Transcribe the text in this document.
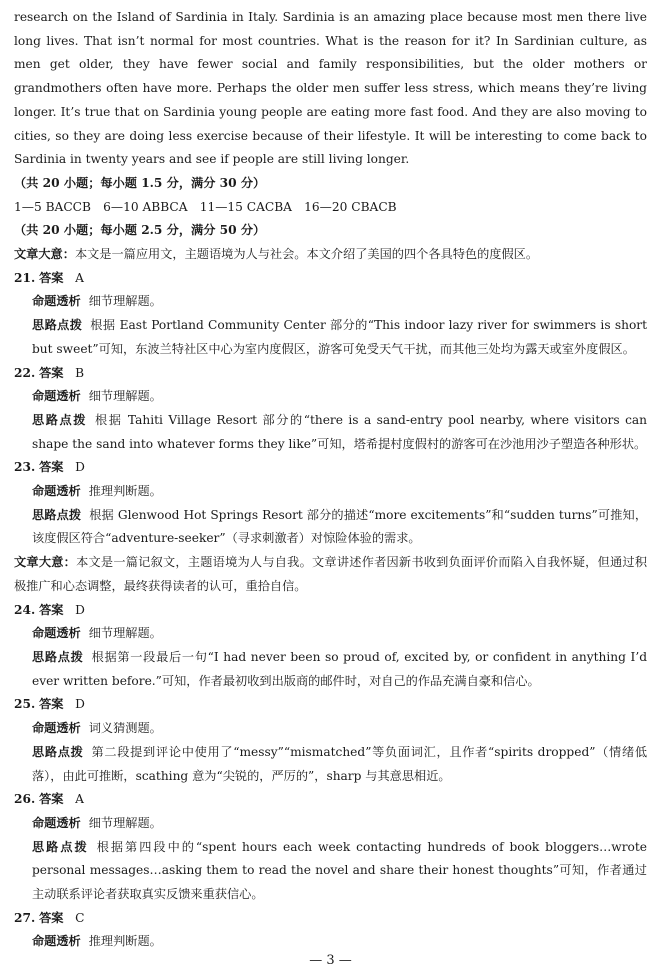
research on the Island of Sardinia in Italy. Sardinia is an amazing place because most men there live long lives. That isn’t normal for most countries. What is the reason for it? In Sardinian culture, as men get older, they have fewer social and family responsibilities, but the older mothers or grandmothers often have more. Perhaps the older men suffer less stress, which means they’re living longer. It’s true that on Sardinia young people are eating more fast food. And they are also moving to cities, so they are doing less exercise because of their lifestyle. It will be interesting to come back to Sardinia in twenty years and see if people are still living longer.

（共 20 小题；每小题 1.5 分，满分 30 分）

1—5 BACCB　6—10 ABBCA　11—15 CACBA　16—20 CBACB

（共 20 小题；每小题 2.5 分，满分 50 分）

文章大意：本文是一篇应用文，主题语境为人与社会。本文介绍了美国的四个各具特色的度假区。

21. 答案 A

命题透析 细节理解题。

思路点拨 根据 East Portland Community Center 部分的“This indoor lazy river for swimmers is short but sweet”可知，东波兰特社区中心为室内度假区，游客可免受天气干扰，而其他三处均为露天或室外度假区。

22. 答案 B

命题透析 细节理解题。

思路点拨 根据 Tahiti Village Resort 部分的“there is a sand-entry pool nearby, where visitors can shape the sand into whatever forms they like”可知，塔希提村度假村的游客可在沙池用沙子塑造各种形状。

23. 答案 D

命题透析 推理判断题。

思路点拨 根据 Glenwood Hot Springs Resort 部分的描述“more excitements”和“sudden turns”可推知，该度假区符合“adventure-seeker”（寻求刺激者）对惊险体验的需求。

文章大意：本文是一篇记叙文，主题语境为人与自我。文章讲述作者因新书收到负面评价而陷入自我怀疑，但通过积极推广和心态调整，最终获得读者的认可，重拾自信。

24. 答案 D

命题透析 细节理解题。

思路点拨 根据第一段最后一句“I had never been so proud of, excited by, or confident in anything I’d ever written before.”可知，作者最初收到出版商的邮件时，对自己的作品充满自豪和信心。

25. 答案 D

命题透析 词义猜测题。

思路点拨 第二段提到评论中使用了“messy”“mismatched”等负面词汇，且作者“spirits dropped”（情绪低落），由此可推断，scathing 意为“尖锐的，严厉的”，sharp 与其意思相近。

26. 答案 A

命题透析 细节理解题。

思路点拨 根据第四段中的“spent hours each week contacting hundreds of book bloggers…wrote personal messages…asking them to read the novel and share their honest thoughts”可知，作者通过主动联系评论者获取真实反馈来重获信心。

27. 答案 C

命题透析 推理判断题。

— 3 —
